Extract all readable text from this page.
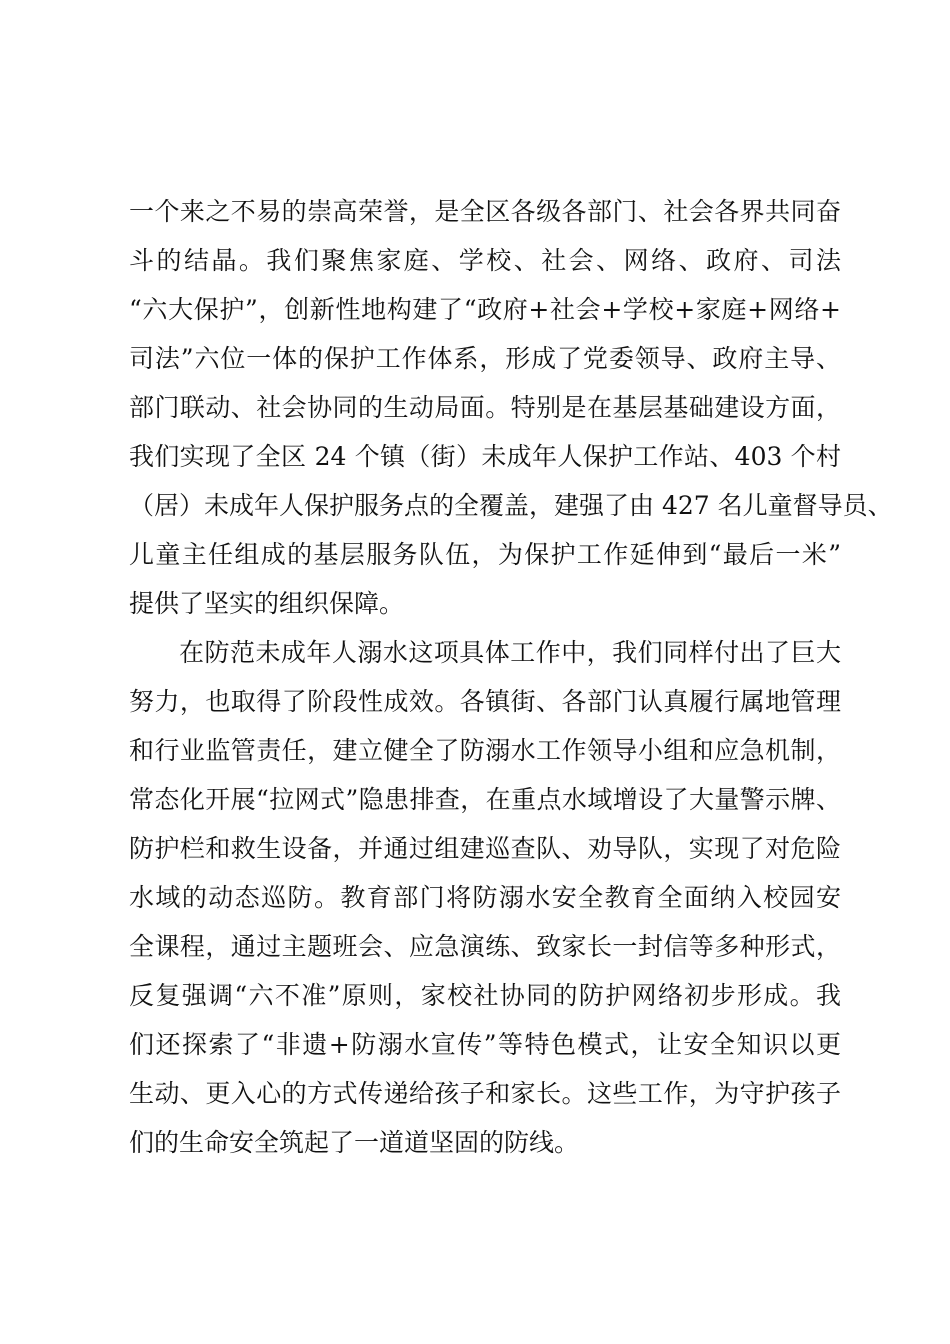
一个来之不易的崇高荣誉，是全区各级各部门、社会各界共同奋
斗的结晶。我们聚焦家庭、学校、社会、网络、政府、司法
“六大保护”，创新性地构建了“政府+社会+学校+家庭+网络+
司法”六位一体的保护工作体系，形成了党委领导、政府主导、
部门联动、社会协同的生动局面。特别是在基层基础建设方面，
我们实现了全区 24 个镇（街）未成年人保护工作站、403 个村
（居）未成年人保护服务点的全覆盖，建强了由 427 名儿童督导员、
儿童主任组成的基层服务队伍，为保护工作延伸到“最后一米”
提供了坚实的组织保障。
在防范未成年人溺水这项具体工作中，我们同样付出了巨大
努力，也取得了阶段性成效。各镇街、各部门认真履行属地管理
和行业监管责任，建立健全了防溺水工作领导小组和应急机制，
常态化开展“拉网式”隐患排查，在重点水域增设了大量警示牌、
防护栏和救生设备，并通过组建巡查队、劝导队，实现了对危险
水域的动态巡防。教育部门将防溺水安全教育全面纳入校园安
全课程，通过主题班会、应急演练、致家长一封信等多种形式，
反复强调“六不准”原则，家校社协同的防护网络初步形成。我
们还探索了“非遗+防溺水宣传”等特色模式，让安全知识以更
生动、更入心的方式传递给孩子和家长。这些工作，为守护孩子
们的生命安全筑起了一道道坚固的防线。
